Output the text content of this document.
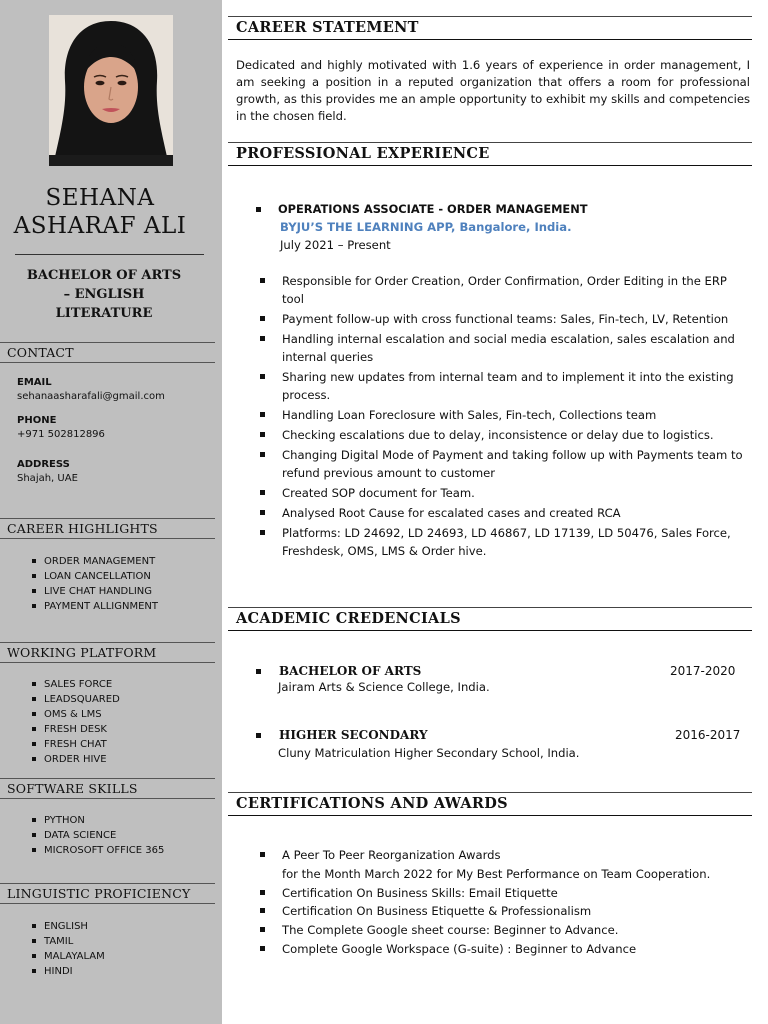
SEHANA
ASHARAF ALI
BACHELOR OF ARTS – ENGLISH LITERATURE
CONTACT
EMAIL
sehanaasharafali@gmail.com
PHONE
+971 502812896
ADDRESS
Shajah, UAE
CAREER HIGHLIGHTS
ORDER MANAGEMENT
LOAN CANCELLATION
LIVE CHAT HANDLING
PAYMENT ALLIGNMENT
WORKING PLATFORM
SALES FORCE
LEADSQUARED
OMS & LMS
FRESH DESK
FRESH CHAT
ORDER HIVE
SOFTWARE SKILLS
PYTHON
DATA SCIENCE
MICROSOFT OFFICE 365
LINGUISTIC PROFICIENCY
ENGLISH
TAMIL
MALAYALAM
HINDI
CAREER STATEMENT

Dedicated and highly motivated with 1.6 years of experience in order management, I am seeking a position in a reputed organization that offers a room for professional growth, as this provides me an ample opportunity to exhibit my skills and competencies in the chosen field.

PROFESSIONAL EXPERIENCE
OPERATIONS ASSOCIATE - ORDER MANAGEMENT
BYJU’S THE LEARNING APP, Bangalore, India.
July 2021 – Present
Responsible for Order Creation, Order Confirmation, Order Editing in the ERP tool
Payment follow-up with cross functional teams: Sales, Fin-tech, LV, Retention
Handling internal escalation and social media escalation, sales escalation and internal queries
Sharing new updates from internal team and to implement it into the existing process.
Handling Loan Foreclosure with Sales, Fin-tech, Collections team
Checking escalations due to delay, inconsistence or delay due to logistics.
Changing Digital Mode of Payment and taking follow up with Payments team to refund previous amount to customer
Created SOP document for Team.
Analysed Root Cause for escalated cases and created RCA
Platforms: LD 24692, LD 24693, LD 46867, LD 17139, LD 50476, Sales Force, Freshdesk, OMS, LMS & Order hive.
ACADEMIC CREDENCIALS
BACHELOR OF ARTS	2017-2020
Jairam Arts & Science College, India.
HIGHER SECONDARY	2016-2017
Cluny Matriculation Higher Secondary School, India.
CERTIFICATIONS AND AWARDS
A Peer To Peer Reorganization Awards
for the Month March 2022 for My Best Performance on Team Cooperation.
Certification On Business Skills: Email Etiquette
Certification On Business Etiquette & Professionalism
The Complete Google sheet course: Beginner to Advance.
Complete Google Workspace (G-suite) : Beginner to Advance
